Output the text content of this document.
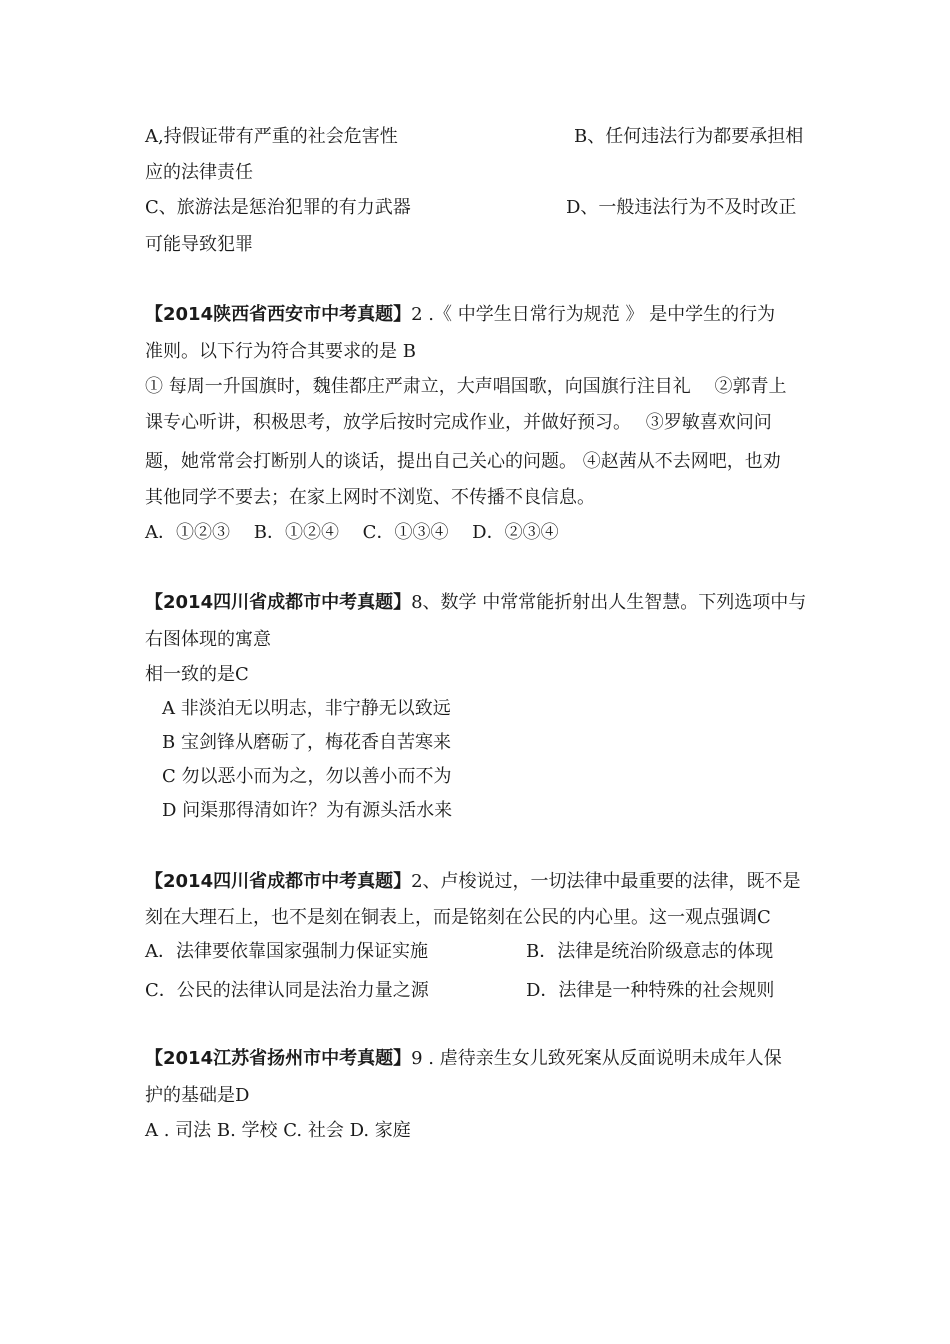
A,持假证带有严重的社会危害性	B、任何违法行为都要承担相
应的法律责任
C、旅游法是惩治犯罪的有力武器	D、一般违法行为不及时改正
可能导致犯罪
【2014陕西省西安市中考真题】2 .《 中学生日常行为规范 》 是中学生的行为
准则。以下行为符合其要求的是 B
① 每周一升国旗时，魏佳都庄严肃立，大声唱国歌，向国旗行注目礼　 ②郭青上
课专心听讲，积极思考，放学后按时完成作业，并做好预习。　 ③罗敏喜欢问问
题，她常常会打断别人的谈话，提出自己关心的问题。 ④赵茜从不去网吧，也劝
其他同学不要去；在家上网时不浏览、不传播不良信息。
A．①②③　 B．①②④　 C．①③④　 D．②③④
【2014四川省成都市中考真题】8、数学 中常常能折射出人生智慧。下列选项中与
右图体现的寓意
相一致的是C
A 非淡泊无以明志，非宁静无以致远
B 宝剑锋从磨砺了，梅花香自苦寒来
C 勿以恶小而为之，勿以善小而不为
D 问渠那得清如许？为有源头活水来
【2014四川省成都市中考真题】2、卢梭说过，一切法律中最重要的法律，既不是
刻在大理石上，也不是刻在铜表上，而是铭刻在公民的内心里。这一观点强调C
A．法律要依靠国家强制力保证实施	B．法律是统治阶级意志的体现
C．公民的法律认同是法治力量之源	D．法律是一种特殊的社会规则
【2014江苏省扬州市中考真题】9 . 虐待亲生女儿致死案从反面说明未成年人保
护的基础是D
A . 司法 B. 学校 C. 社会 D. 家庭
